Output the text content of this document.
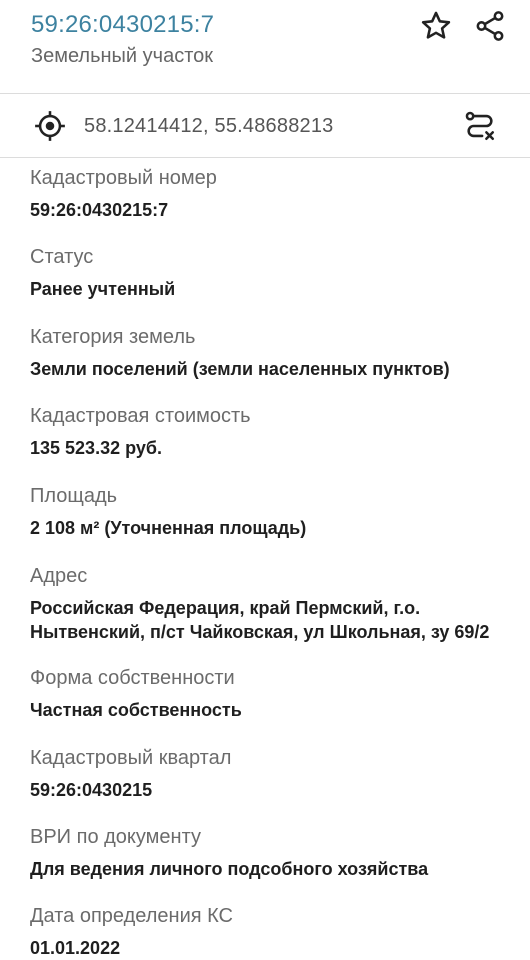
59:26:0430215:7
Земельный участок
58.12414412, 55.48688213
Кадастровый номер
59:26:0430215:7
Статус
Ранее учтенный
Категория земель
Земли поселений (земли населенных пунктов)
Кадастровая стоимость
135 523.32 руб.
Площадь
2 108 м² (Уточненная площадь)
Адрес
Российская Федерация, край Пермский, г.о. Нытвенский, п/ст Чайковская, ул Школьная, зу 69/2
Форма собственности
Частная собственность
Кадастровый квартал
59:26:0430215
ВРИ по документу
Для ведения личного подсобного хозяйства
Дата определения КС
01.01.2022
